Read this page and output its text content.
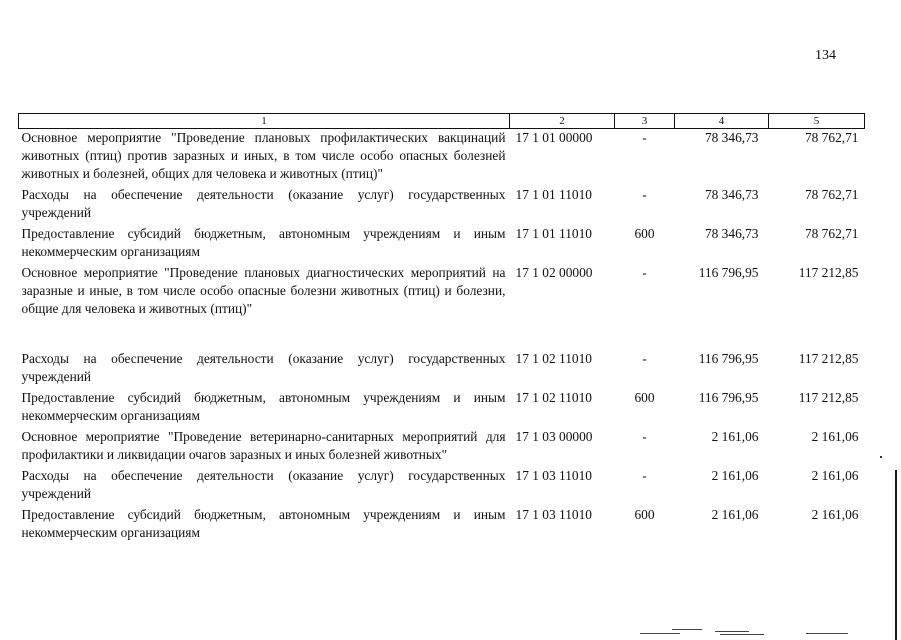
134
1	2	3	4	5
Основное мероприятие "Проведение плановых профилактических вакцинаций животных (птиц) против заразных и иных, в том числе особо опасных болезней животных и болезней, общих для человека и животных (птиц)"	17 1 01 00000	-	78 346,73	78 762,71
Расходы на обеспечение деятельности (оказание услуг) государственных учреждений	17 1 01 11010	-	78 346,73	78 762,71
Предоставление субсидий бюджетным, автономным учреждениям и иным некоммерческим организациям	17 1 01 11010	600	78 346,73	78 762,71
Основное мероприятие "Проведение плановых диагностических мероприятий на заразные и иные, в том числе особо опасные болезни животных (птиц) и болезни, общие для человека и животных (птиц)"	17 1 02 00000	-	116 796,95	117 212,85
Расходы на обеспечение деятельности (оказание услуг) государственных учреждений	17 1 02 11010	-	116 796,95	117 212,85
Предоставление субсидий бюджетным, автономным учреждениям и иным некоммерческим организациям	17 1 02 11010	600	116 796,95	117 212,85
Основное мероприятие "Проведение ветеринарно-санитарных мероприятий для профилактики и ликвидации очагов заразных и иных болезней животных"	17 1 03 00000	-	2 161,06	2 161,06
Расходы на обеспечение деятельности (оказание услуг) государственных учреждений	17 1 03 11010	-	2 161,06	2 161,06
Предоставление субсидий бюджетным, автономным учреждениям и иным некоммерческим организациям	17 1 03 11010	600	2 161,06	2 161,06
